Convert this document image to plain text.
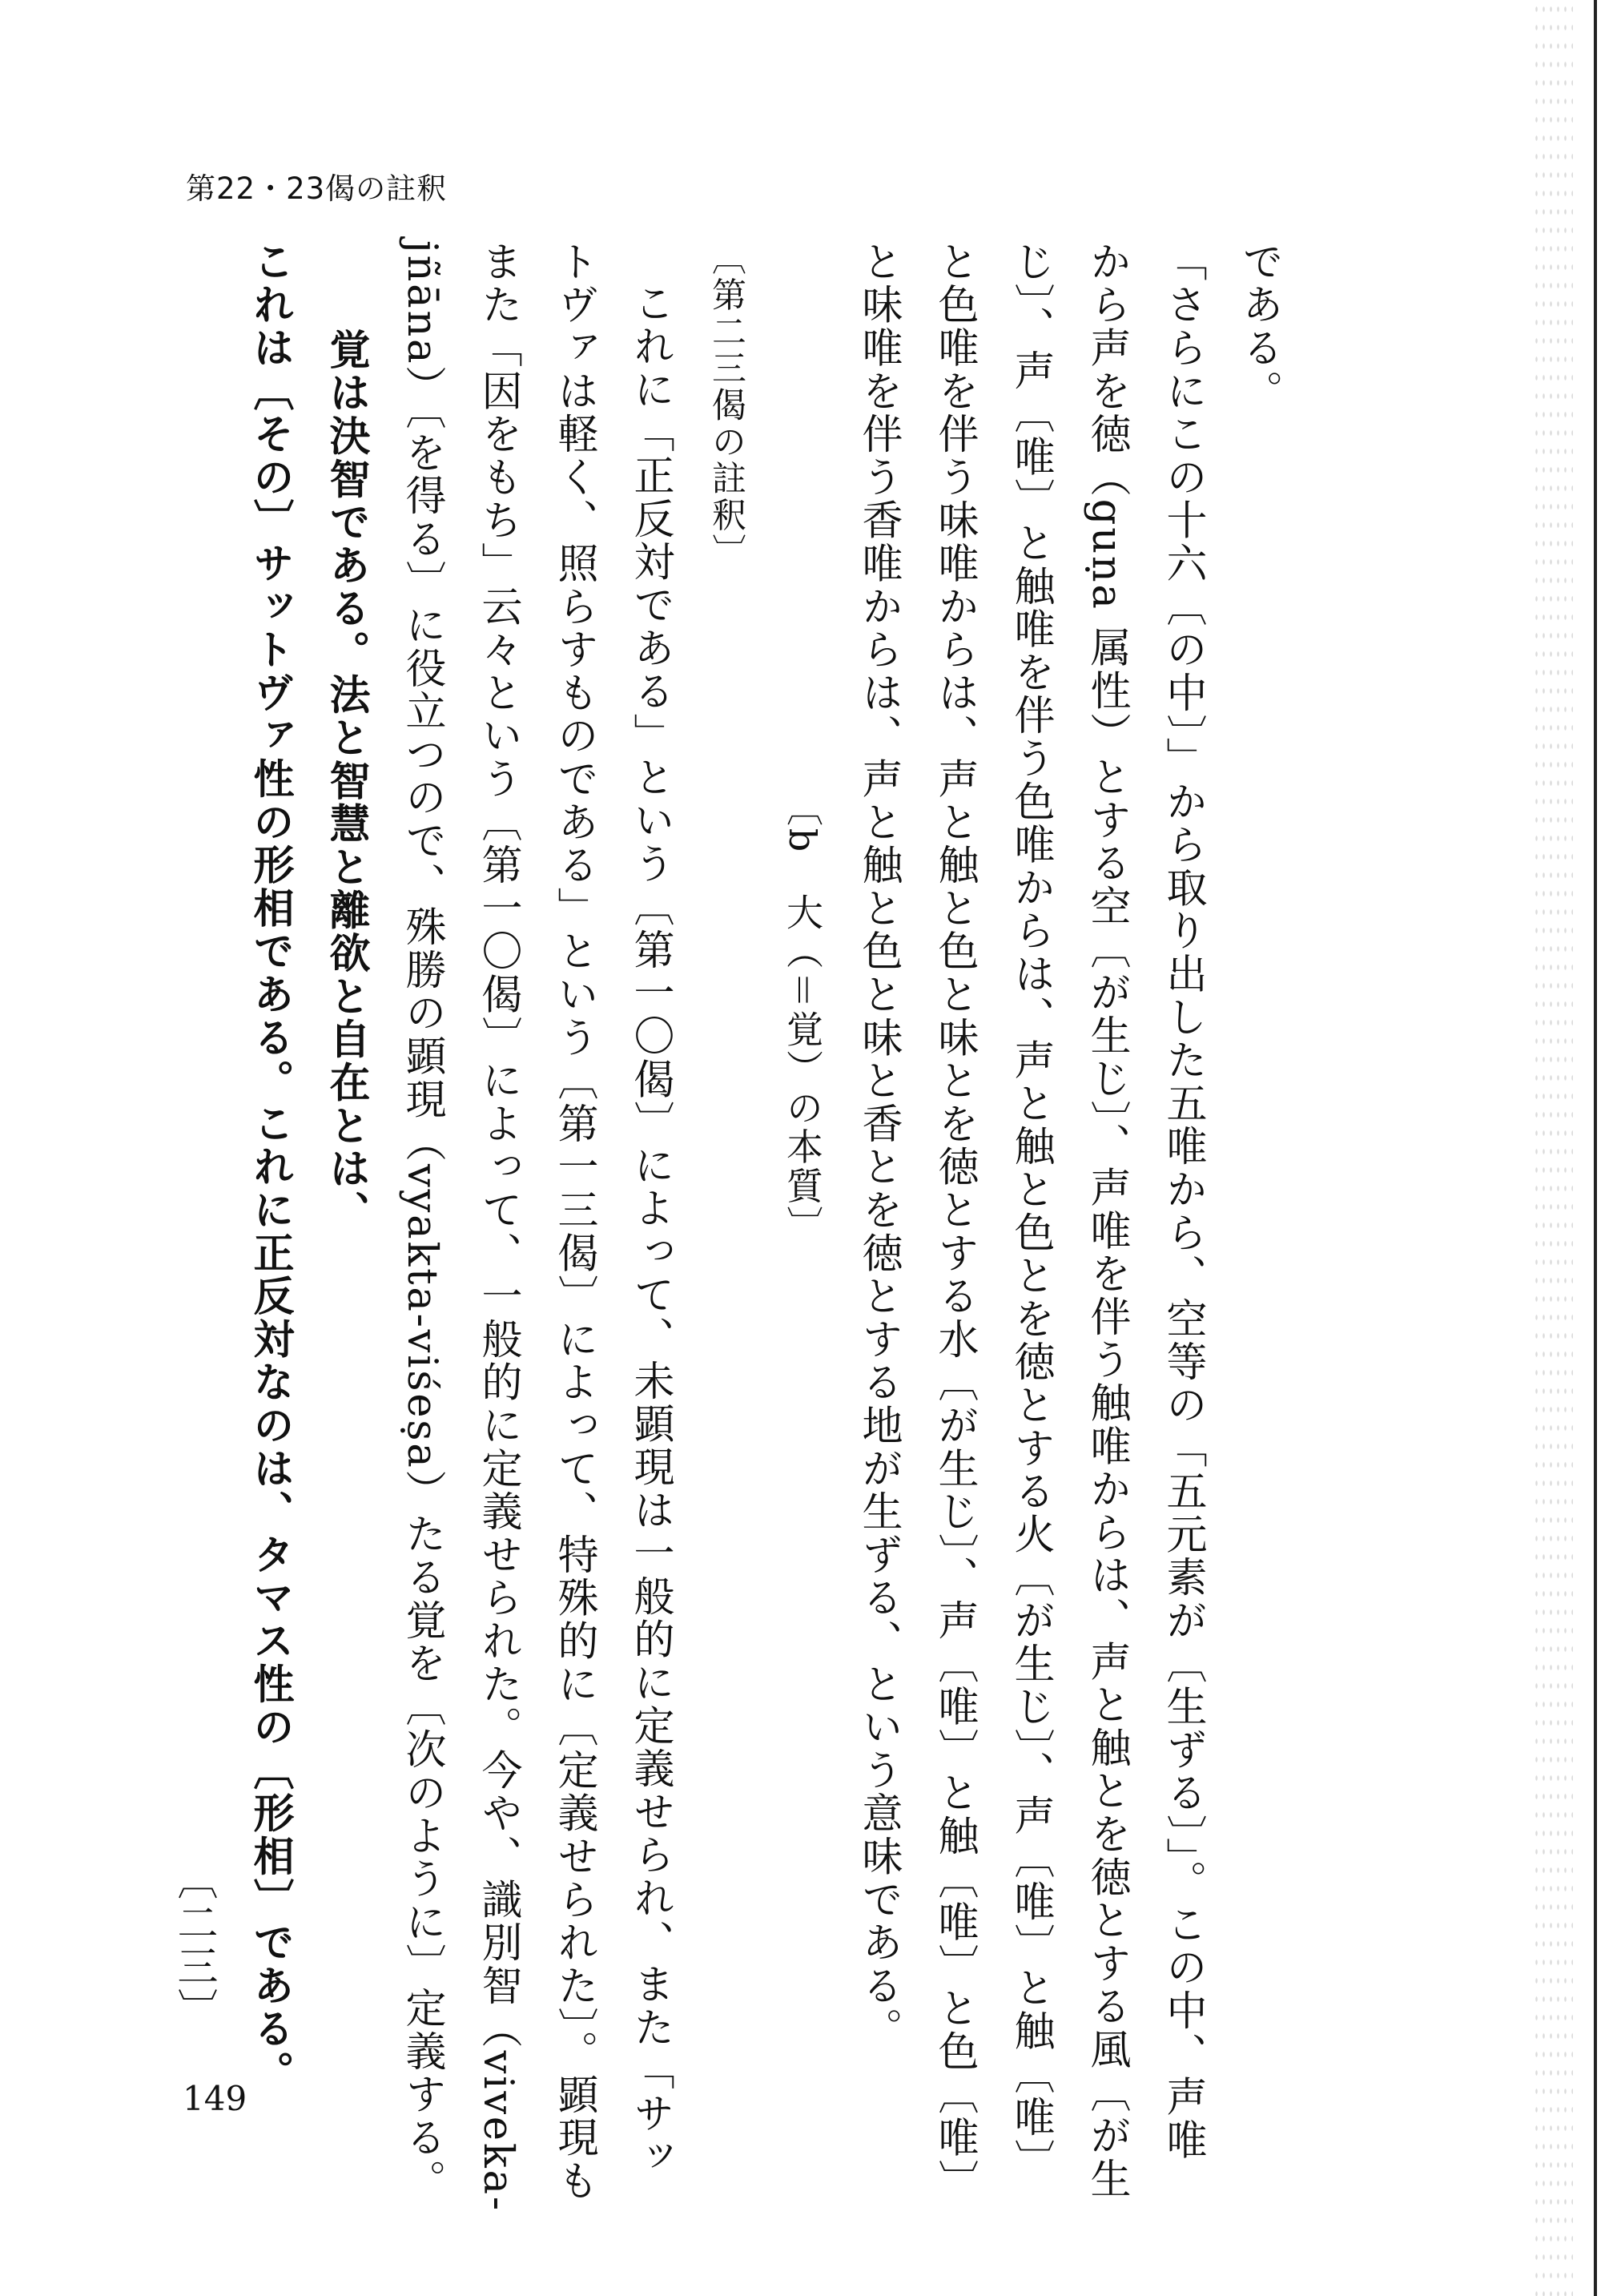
第22・23偈の註釈
である。
「さらにこの十六〔の中〕」から取り出した五唯から、空等の「五元素が〔生ずる〕」。この中、声唯
から声を徳（guṇa 属性）とする空〔が生じ〕、声唯を伴う触唯からは、声と触とを徳とする風〔が生
じ〕、声〔唯〕と触唯を伴う色唯からは、声と触と色とを徳とする火〔が生じ〕、声〔唯〕と触〔唯〕
と色唯を伴う味唯からは、声と触と色と味とを徳とする水〔が生じ〕、声〔唯〕と触〔唯〕と色〔唯〕
と味唯を伴う香唯からは、声と触と色と味と香とを徳とする地が生ずる、という意味である。
〔b　大（＝覚）の本質〕
〔第二三偈の註釈〕
これに「正反対である」という〔第一〇偈〕によって、未顕現は一般的に定義せられ、また「サッ
トヴァは軽く、照らすものである」という〔第一三偈〕によって、特殊的に〔定義せられた〕。顕現も
また「因をもち」云々という〔第一〇偈〕によって、一般的に定義せられた。今や、識別智（viveka-
jñāna）〔を得る〕に役立つので、殊勝の顕現（vyakta-viśeṣa）たる覚を〔次のように〕定義する。
覚は決智である。法と智慧と離欲と自在とは、
これは〔その〕サットヴァ性の形相である。これに正反対なのは、タマス性の〔形相〕である。
〔二三〕
149
